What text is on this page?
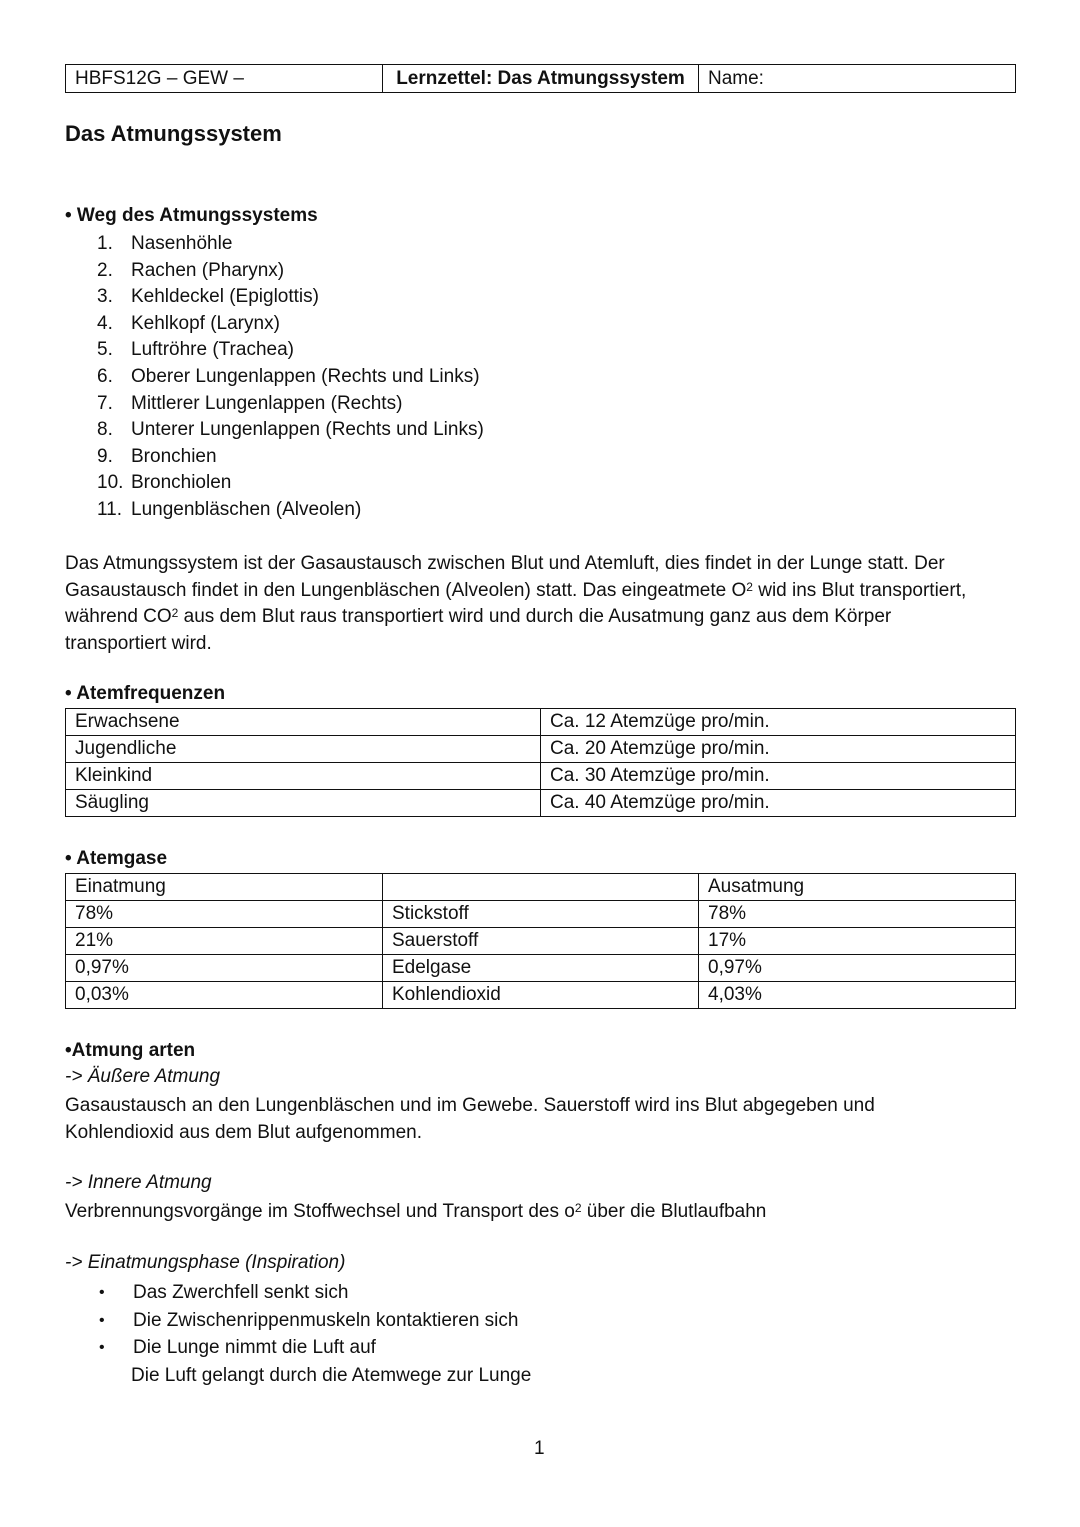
HBFS12G – GEW –	Lernzettel: Das Atmungssystem	Name:
Das Atmungssystem
• Weg des Atmungssystems
1. Nasenhöhle
2. Rachen (Pharynx)
3. Kehldeckel (Epiglottis)
4. Kehlkopf (Larynx)
5. Luftröhre (Trachea)
6. Oberer Lungenlappen (Rechts und Links)
7. Mittlerer Lungenlappen (Rechts)
8. Unterer Lungenlappen (Rechts und Links)
9. Bronchien
10. Bronchiolen
11. Lungenbläschen (Alveolen)
Das Atmungssystem ist der Gasaustausch zwischen Blut und Atemluft, dies findet in der Lunge statt. Der
Gasaustausch findet in den Lungenbläschen (Alveolen) statt. Das eingeatmete $O^2$ wid ins Blut transportiert,
während $CO^2$ aus dem Blut raus transportiert wird und durch die Ausatmung ganz aus dem Körper
transportiert wird.
• Atemfrequenzen
Erwachsene	Ca. 12 Atemzüge pro/min.
Jugendliche	Ca. 20 Atemzüge pro/min.
Kleinkind	Ca. 30 Atemzüge pro/min.
Säugling	Ca. 40 Atemzüge pro/min.
• Atemgase
Einatmung		Ausatmung
78%	Stickstoff	78%
21%	Sauerstoff	17%
0,97%	Edelgase	0,97%
0,03%	Kohlendioxid	4,03%
•Atmung arten
-> Äußere Atmung
Gasaustausch an den Lungenbläschen und im Gewebe. Sauerstoff wird ins Blut abgegeben und
Kohlendioxid aus dem Blut aufgenommen.
-> Innere Atmung
Verbrennungsvorgänge im Stoffwechsel und Transport des $o^2$ über die Blutlaufbahn
-> Einatmungsphase (Inspiration)
•	Das Zwerchfell senkt sich
•	Die Zwischenrippenmuskeln kontaktieren sich
•	Die Lunge nimmt die Luft auf
Die Luft gelangt durch die Atemwege zur Lunge
1
